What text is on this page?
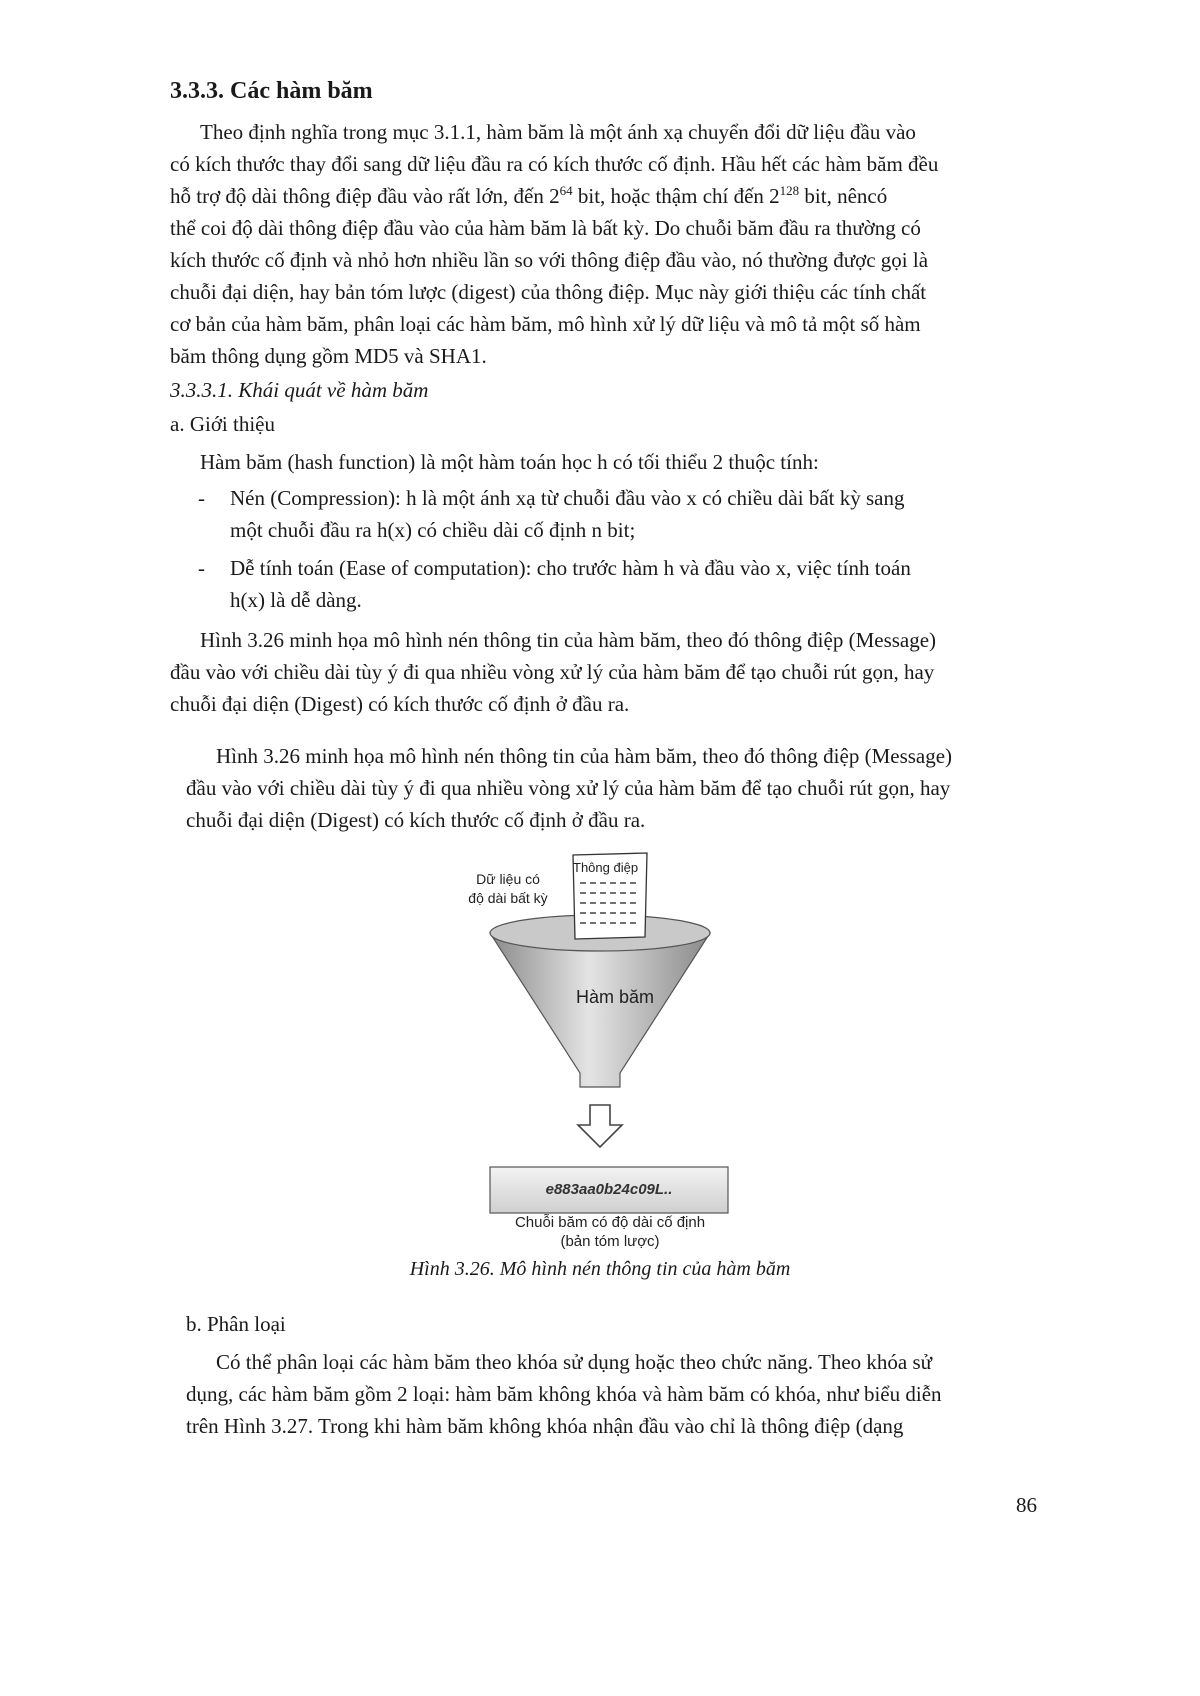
3.3.3. Các hàm băm
Theo định nghĩa trong mục 3.1.1, hàm băm là một ánh xạ chuyển đổi dữ liệu đầu vào
có kích thước thay đổi sang dữ liệu đầu ra có kích thước cố định. Hầu hết các hàm băm đều
hỗ trợ độ dài thông điệp đầu vào rất lớn, đến $2^{64}$ bit, hoặc thậm chí đến $2^{128}$ bit, nêncó
thể coi độ dài thông điệp đầu vào của hàm băm là bất kỳ. Do chuỗi băm đầu ra thường có
kích thước cố định và nhỏ hơn nhiều lần so với thông điệp đầu vào, nó thường được gọi là
chuỗi đại diện, hay bản tóm lược (digest) của thông điệp. Mục này giới thiệu các tính chất
cơ bản của hàm băm, phân loại các hàm băm, mô hình xử lý dữ liệu và mô tả một số hàm
băm thông dụng gồm MD5 và SHA1.
3.3.3.1. Khái quát về hàm băm
a. Giới thiệu
Hàm băm (hash function) là một hàm toán học h có tối thiểu 2 thuộc tính:
- Nén (Compression): h là một ánh xạ từ chuỗi đầu vào x có chiều dài bất kỳ sang
một chuỗi đầu ra h(x) có chiều dài cố định n bit;
- Dễ tính toán (Ease of computation): cho trước hàm h và đầu vào x, việc tính toán
h(x) là dễ dàng.
Hình 3.26 minh họa mô hình nén thông tin của hàm băm, theo đó thông điệp (Message)
đầu vào với chiều dài tùy ý đi qua nhiều vòng xử lý của hàm băm để tạo chuỗi rút gọn, hay
chuỗi đại diện (Digest) có kích thước cố định ở đầu ra.
Hình 3.26 minh họa mô hình nén thông tin của hàm băm, theo đó thông điệp (Message)
đầu vào với chiều dài tùy ý đi qua nhiều vòng xử lý của hàm băm để tạo chuỗi rút gọn, hay
chuỗi đại diện (Digest) có kích thước cố định ở đầu ra.
Dữ liệu có
độ dài bất kỳ
Thông điệp
Hàm băm
e883aa0b24c09L..
Chuỗi băm có độ dài cố định
(bản tóm lược)
Hình 3.26. Mô hình nén thông tin của hàm băm
b. Phân loại
Có thể phân loại các hàm băm theo khóa sử dụng hoặc theo chức năng. Theo khóa sử
dụng, các hàm băm gồm 2 loại: hàm băm không khóa và hàm băm có khóa, như biểu diễn
trên Hình 3.27. Trong khi hàm băm không khóa nhận đầu vào chỉ là thông điệp (dạng
86
